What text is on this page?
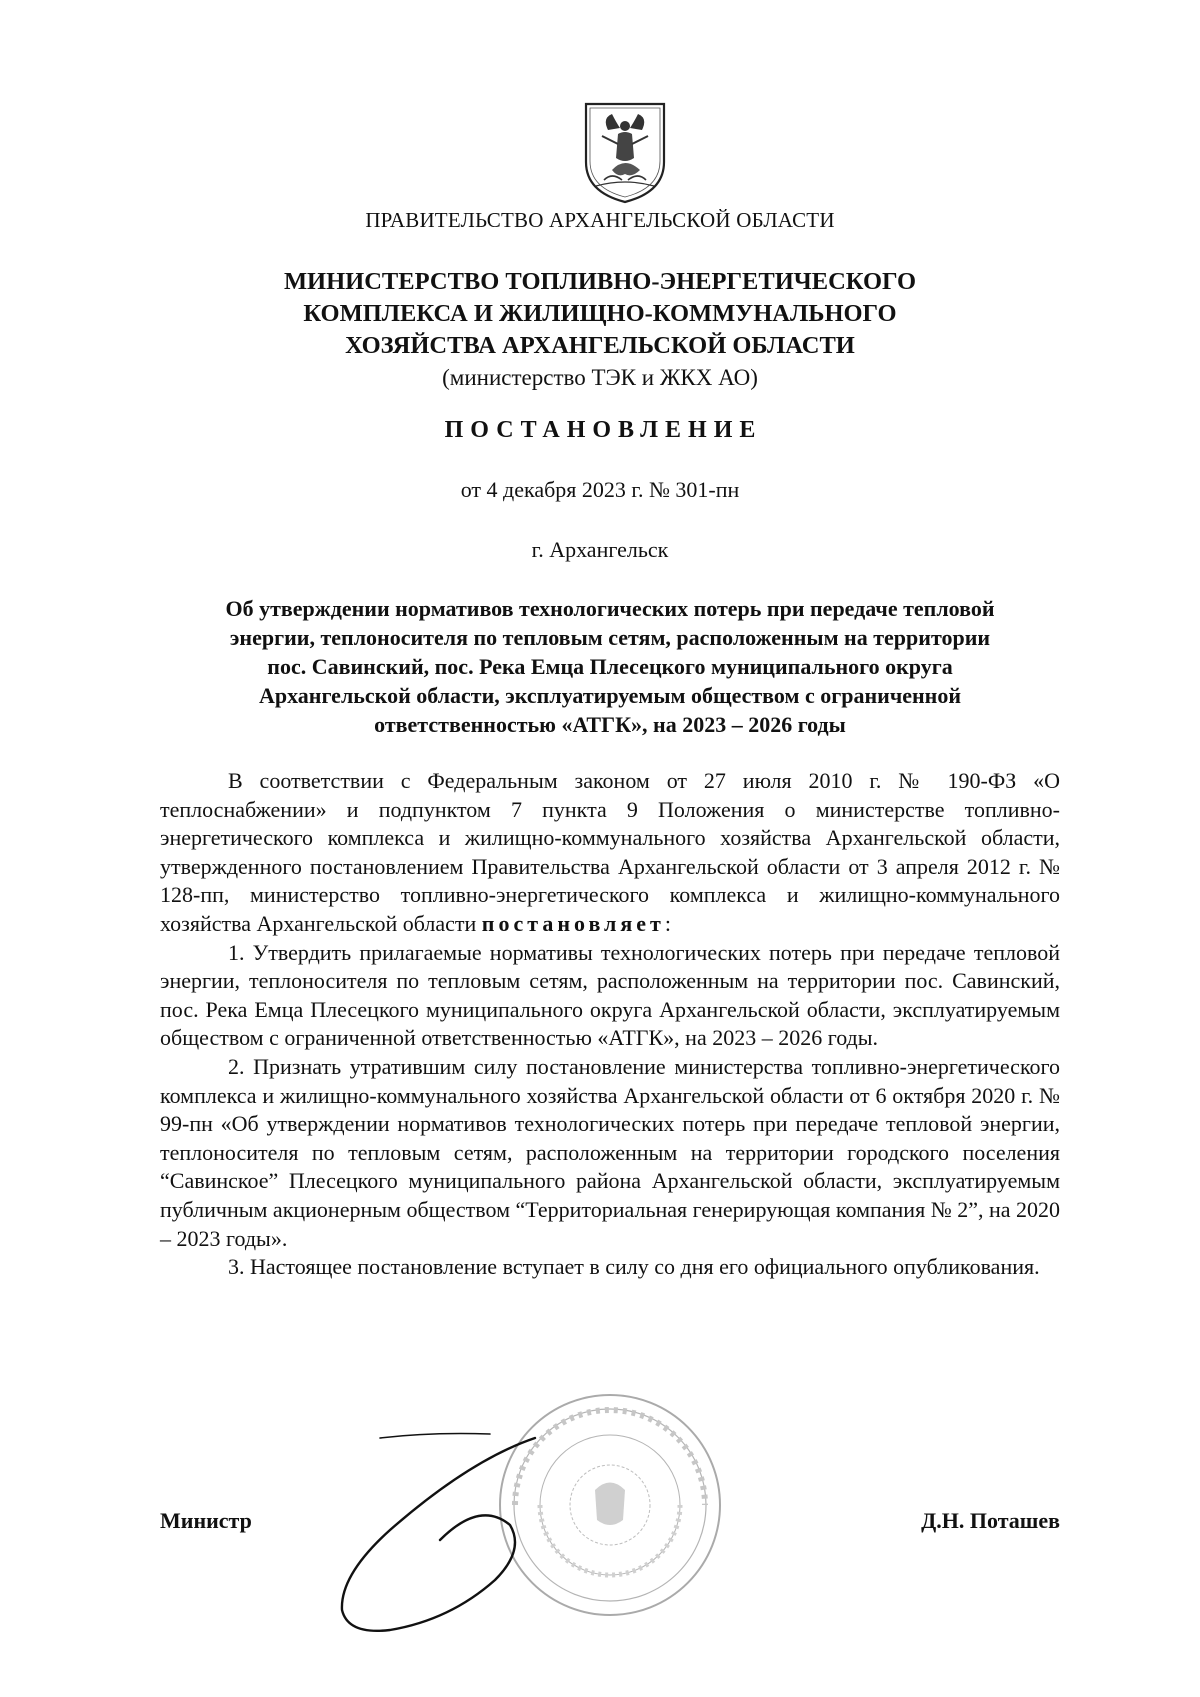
ПРАВИТЕЛЬСТВО АРХАНГЕЛЬСКОЙ ОБЛАСТИ
МИНИСТЕРСТВО ТОПЛИВНО-ЭНЕРГЕТИЧЕСКОГО
КОМПЛЕКСА И ЖИЛИЩНО-КОММУНАЛЬНОГО
ХОЗЯЙСТВА АРХАНГЕЛЬСКОЙ ОБЛАСТИ
(министерство ТЭК и ЖКХ АО)
ПОСТАНОВЛЕНИЕ
от 4 декабря 2023 г. № 301-пн
г. Архангельск
Об утверждении нормативов технологических потерь при передаче тепловой
энергии, теплоносителя по тепловым сетям, расположенным на территории
пос. Савинский, пос. Река Емца Плесецкого муниципального округа
Архангельской области, эксплуатируемым обществом с ограниченной
ответственностью «АТГК», на 2023 – 2026 годы

В соответствии с Федеральным законом от 27 июля 2010 г. № 190-ФЗ «О теплоснабжении» и подпунктом 7 пункта 9 Положения о министерстве топливно-энергетического комплекса и жилищно-коммунального хозяйства Архангельской области, утвержденного постановлением Правительства Архангельской области от 3 апреля 2012 г. № 128-пп, министерство топливно-энергетического комплекса и жилищно-коммунального хозяйства Архангельской области постановляет:

1. Утвердить прилагаемые нормативы технологических потерь при передаче тепловой энергии, теплоносителя по тепловым сетям, расположенным на территории пос. Савинский, пос. Река Емца Плесецкого муниципального округа Архангельской области, эксплуатируемым обществом с ограниченной ответственностью «АТГК», на 2023 – 2026 годы.

2. Признать утратившим силу постановление министерства топливно-энергетического комплекса и жилищно-коммунального хозяйства Архангельской области от 6 октября 2020 г. № 99-пн «Об утверждении нормативов технологических потерь при передаче тепловой энергии, теплоносителя по тепловым сетям, расположенным на территории городского поселения “Савинское” Плесецкого муниципального района Архангельской области, эксплуатируемым публичным акционерным обществом “Территориальная генерирующая компания № 2”, на 2020 – 2023 годы».

3. Настоящее постановление вступает в силу со дня его официального опубликования.

Министр	Д.Н. Поташев
